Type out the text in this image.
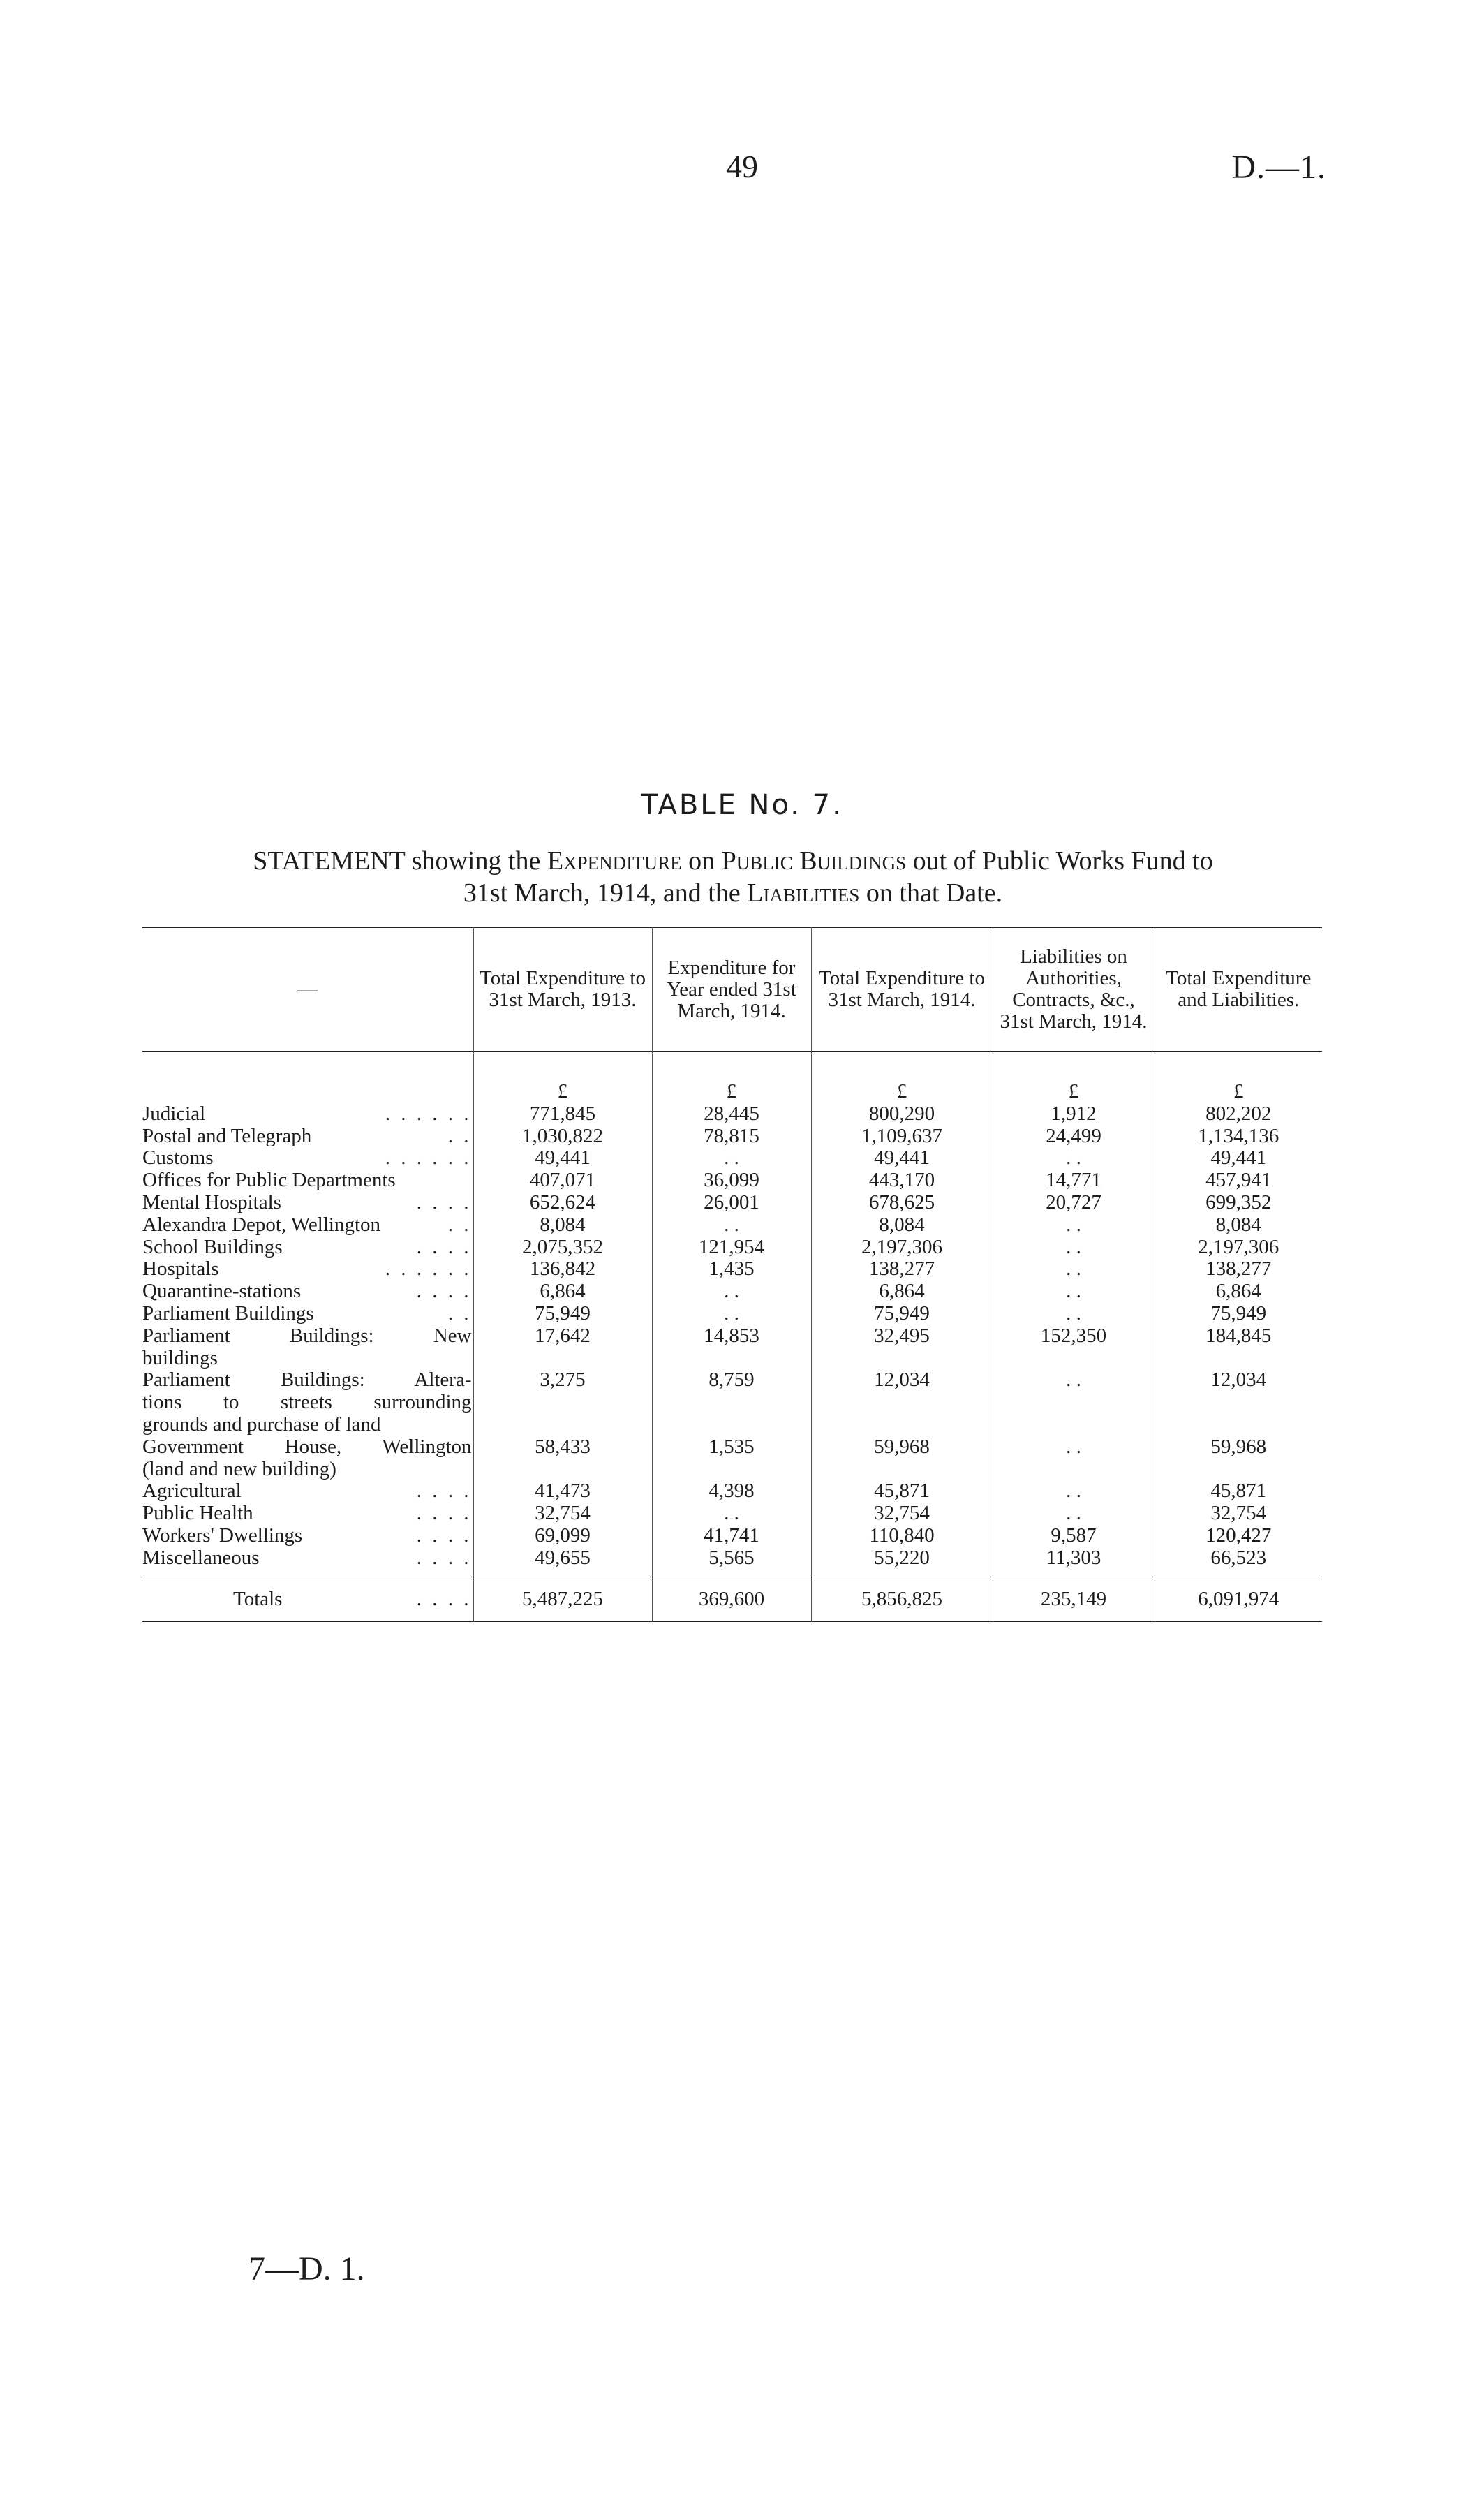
49	D.—1.
TABLE No. 7.
STATEMENT showing the Expenditure on Public Buildings out of Public Works Fund to
31st March, 1914, and the Liabilities on that Date.
—	Total Expenditure to 31st March, 1913.	Expenditure for Year ended 31st March, 1914.	Total Expenditure to 31st March, 1914.	Liabilities on Authorities, Contracts, &c., 31st March, 1914.	Total Expenditure and Liabilities.
	£	£	£	£	£

. . . . . .
Judicial	771,845	28,445	800,290	1,912	802,202

. .
Postal and Telegraph	1,030,822	78,815	1,109,637	24,499	1,134,136

. . . . . .
Customs	49,441	. .	49,441	. .	49,441

Offices for Public Departments	407,071	36,099	443,170	14,771	457,941

. . . .
Mental Hospitals	652,624	26,001	678,625	20,727	699,352

. .
Alexandra Depot, Wellington	8,084	. .	8,084	. .	8,084

. . . .
School Buildings	2,075,352	121,954	2,197,306	. .	2,197,306

. . . . . .
Hospitals	136,842	1,435	138,277	. .	138,277

. . . .
Quarantine-stations	6,864	. .	6,864	. .	6,864

. .
Parliament Buildings	75,949	. .	75,949	. .	75,949

Parliament Buildings: New
buildings	17,642	14,853	32,495	152,350	184,845

Parliament Buildings: Altera-
tions to streets surrounding
grounds and purchase of land	3,275	8,759	12,034	. .	12,034

Government House, Wellington
(land and new building)	58,433	1,535	59,968	. .	59,968

. . . .
Agricultural	41,473	4,398	45,871	. .	45,871

. . . .
Public Health	32,754	. .	32,754	. .	32,754

. . . .
Workers' Dwellings	69,099	41,741	110,840	9,587	120,427

. . . .
Miscellaneous	49,655	5,565	55,220	11,303	66,523

Totals . . . .	5,487,225	369,600	5,856,825	235,149	6,091,974
7—D. 1.
